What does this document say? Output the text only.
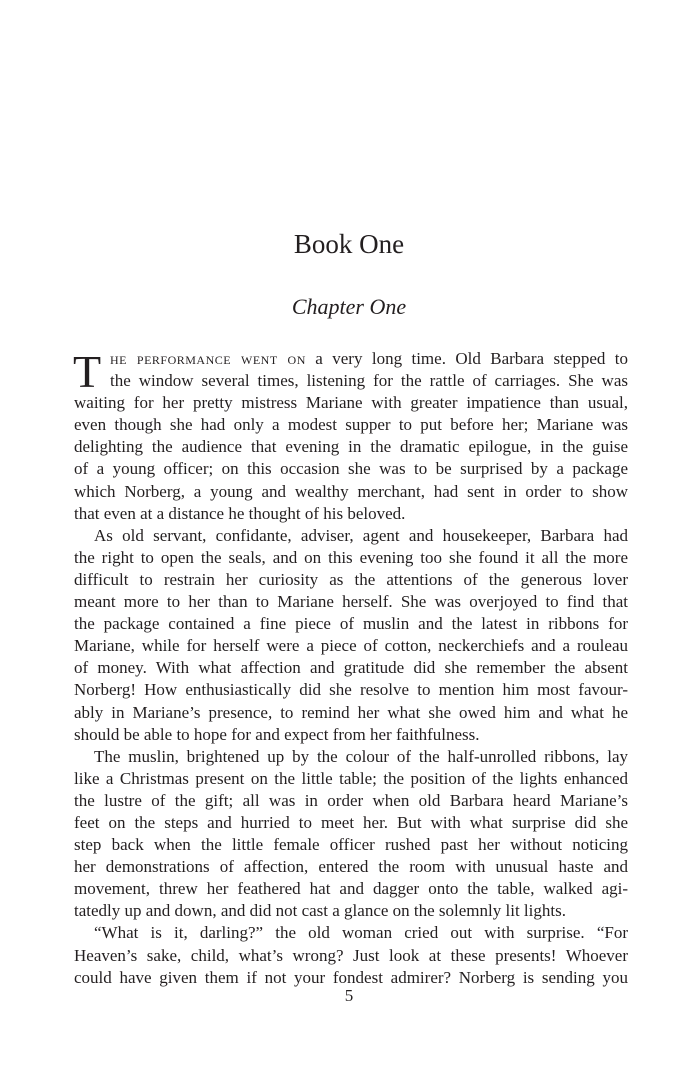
Book One
Chapter One
T he performance went on a very long time. Old Barbara stepped to
the window several times, listening for the rattle of carriages. She was
waiting for her pretty mistress Mariane with greater impatience than usual,
even though she had only a modest supper to put before her; Mariane was
delighting the audience that evening in the dramatic epilogue, in the guise
of a young officer; on this occasion she was to be surprised by a package
which Norberg, a young and wealthy merchant, had sent in order to show
that even at a distance he thought of his beloved.
As old servant, confidante, adviser, agent and housekeeper, Barbara had
the right to open the seals, and on this evening too she found it all the more
difficult to restrain her curiosity as the attentions of the generous lover
meant more to her than to Mariane herself. She was overjoyed to find that
the package contained a fine piece of muslin and the latest in ribbons for
Mariane, while for herself were a piece of cotton, neckerchiefs and a rouleau
of money. With what affection and gratitude did she remember the absent
Norberg! How enthusiastically did she resolve to mention him most favour-
ably in Mariane’s presence, to remind her what she owed him and what he
should be able to hope for and expect from her faithfulness.
The muslin, brightened up by the colour of the half-unrolled ribbons, lay
like a Christmas present on the little table; the position of the lights enhanced
the lustre of the gift; all was in order when old Barbara heard Mariane’s
feet on the steps and hurried to meet her. But with what surprise did she
step back when the little female officer rushed past her without noticing
her demonstrations of affection, entered the room with unusual haste and
movement, threw her feathered hat and dagger onto the table, walked agi-
tatedly up and down, and did not cast a glance on the solemnly lit lights.
“What is it, darling?” the old woman cried out with surprise. “For
Heaven’s sake, child, what’s wrong? Just look at these presents! Whoever
could have given them if not your fondest admirer? Norberg is sending you
5
